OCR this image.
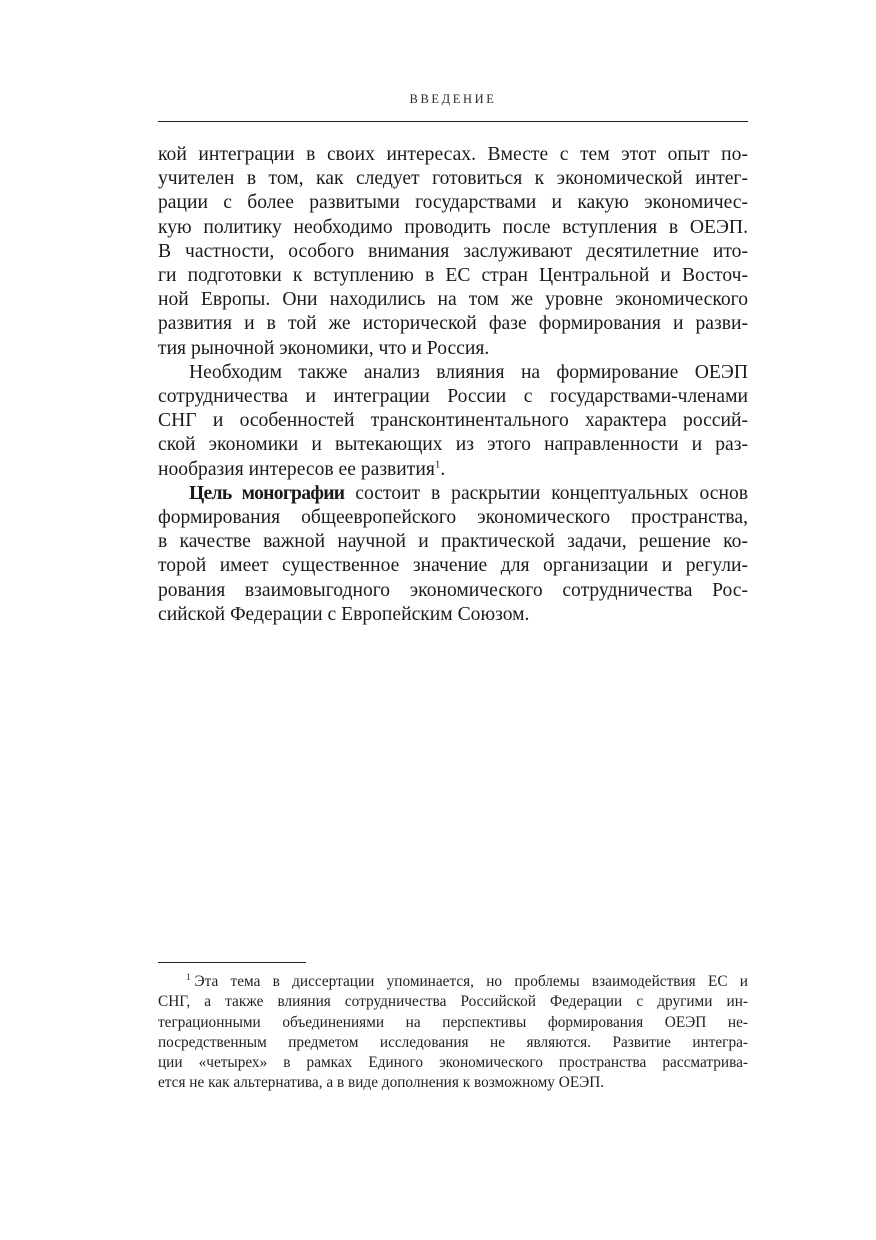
ВВЕДЕНИЕ
кой интеграции в своих интересах. Вместе с тем этот опыт по-
учителен в том, как следует готовиться к экономической интег-
рации с более развитыми государствами и какую экономичес-
кую политику необходимо проводить после вступления в ОЕЭП.
В частности, особого внимания заслуживают десятилетние ито-
ги подготовки к вступлению в ЕС стран Центральной и Восточ-
ной Европы. Они находились на том же уровне экономического
развития и в той же исторической фазе формирования и разви-
тия рыночной экономики, что и Россия.
Необходим также анализ влияния на формирование ОЕЭП
сотрудничества и интеграции России с государствами-членами
СНГ и особенностей трансконтинентального характера россий-
ской экономики и вытекающих из этого направленности и раз-
нообразия интересов ее развития$^1$.
Цель монографии состоит в раскрытии концептуальных основ
формирования общеевропейского экономического пространства,
в качестве важной научной и практической задачи, решение ко-
торой имеет существенное значение для организации и регули-
рования взаимовыгодного экономического сотрудничества Рос-
сийской Федерации с Европейским Союзом.
$^1$ Эта тема в диссертации упоминается, но проблемы взаимодействия ЕС и
СНГ, а также влияния сотрудничества Российской Федерации с другими ин-
теграционными объединениями на перспективы формирования ОЕЭП не-
посредственным предметом исследования не являются. Развитие интегра-
ции «четырех» в рамках Единого экономического пространства рассматрива-
ется не как альтернатива, а в виде дополнения к возможному ОЕЭП.
